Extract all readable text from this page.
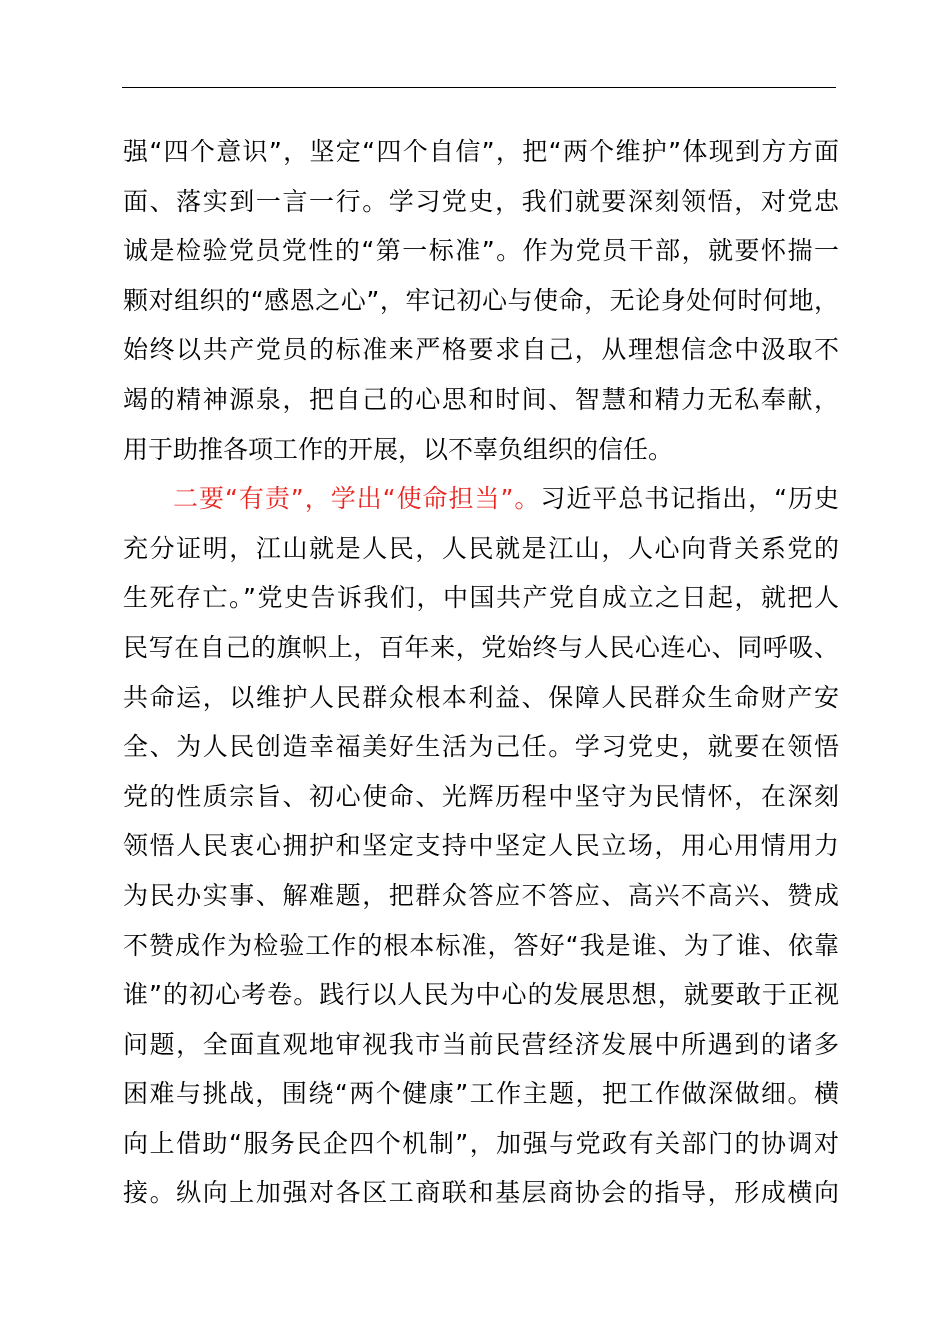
强“四个意识”，坚定“四个自信”，把“两个维护”体现到方方面
面、落实到一言一行。学习党史，我们就要深刻领悟，对党忠
诚是检验党员党性的“第一标准”。作为党员干部，就要怀揣一
颗对组织的“感恩之心”，牢记初心与使命，无论身处何时何地，
始终以共产党员的标准来严格要求自己，从理想信念中汲取不
竭的精神源泉，把自己的心思和时间、智慧和精力无私奉献，
用于助推各项工作的开展，以不辜负组织的信任。
二要“有责”，学出“使命担当”。习近平总书记指出，“历史
充分证明，江山就是人民，人民就是江山，人心向背关系党的
生死存亡。”党史告诉我们，中国共产党自成立之日起，就把人
民写在自己的旗帜上，百年来，党始终与人民心连心、同呼吸、
共命运，以维护人民群众根本利益、保障人民群众生命财产安
全、为人民创造幸福美好生活为己任。学习党史，就要在领悟
党的性质宗旨、初心使命、光辉历程中坚守为民情怀，在深刻
领悟人民衷心拥护和坚定支持中坚定人民立场，用心用情用力
为民办实事、解难题，把群众答应不答应、高兴不高兴、赞成
不赞成作为检验工作的根本标准，答好“我是谁、为了谁、依靠
谁”的初心考卷。践行以人民为中心的发展思想，就要敢于正视
问题，全面直观地审视我市当前民营经济发展中所遇到的诸多
困难与挑战，围绕“两个健康”工作主题，把工作做深做细。横
向上借助“服务民企四个机制”，加强与党政有关部门的协调对
接。纵向上加强对各区工商联和基层商协会的指导，形成横向
